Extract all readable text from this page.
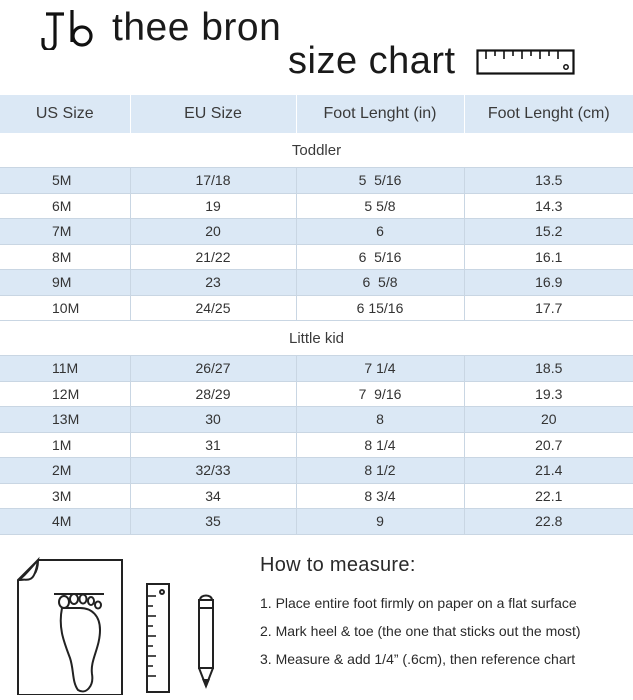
thee bron
size chart
US Size	EU Size	Foot Lenght (in)	Foot Lenght (cm)
Toddler			
5M	17/18	5  5/16	13.5
6M	19	5 5/8	14.3
7M	20	6	15.2
8M	21/22	6  5/16	16.1
9M	23	6  5/8	16.9
10M	24/25	6 15/16	17.7
Little kid			
11M	26/27	7 1/4	18.5
12M	28/29	7  9/16	19.3
13M	30	8	20
1M	31	8 1/4	20.7
2M	32/33	8 1/2	21.4
3M	34	8 3/4	22.1
4M	35	9	22.8
How to measure:
1. Place entire foot firmly on paper on a flat surface
2. Mark heel & toe (the one that sticks out the most)
3. Measure & add 1/4” (.6cm), then reference chart
